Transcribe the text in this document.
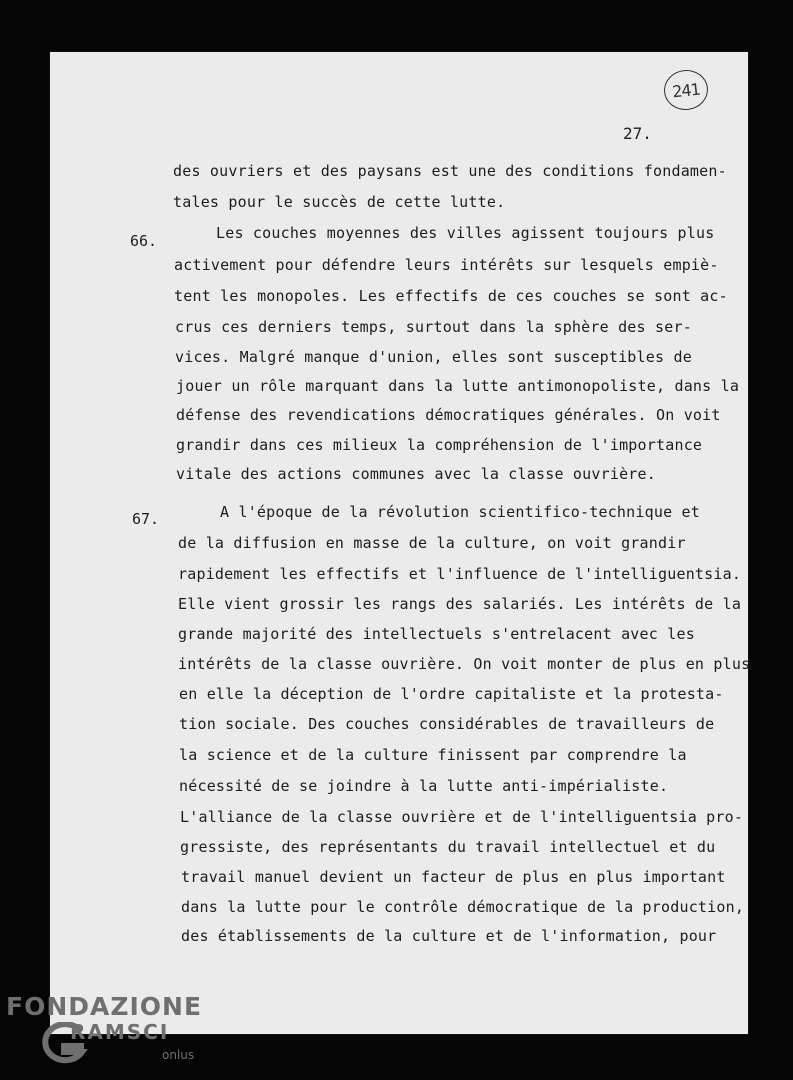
241
27.
66.
67.
des ouvriers et des paysans est une des conditions fondamen-
tales pour le succès de cette lutte.
Les couches moyennes des villes agissent toujours plus
activement pour défendre leurs intérêts sur lesquels empiè-
tent les monopoles. Les effectifs de ces couches se sont ac-
crus ces derniers temps, surtout dans la sphère des ser-
vices. Malgré manque d'union, elles sont susceptibles de
jouer un rôle marquant dans la lutte antimonopoliste, dans la
défense des revendications démocratiques générales. On voit
grandir dans ces milieux la compréhension de l'importance
vitale des actions communes avec la classe ouvrière.
A l'époque de la révolution scientifico-technique et
de la diffusion en masse de la culture, on voit grandir
rapidement les effectifs et l'influence de l'intelliguentsia.
Elle vient grossir les rangs des salariés. Les intérêts de la
grande majorité des intellectuels s'entrelacent avec les
intérêts de la classe ouvrière. On voit monter de plus en plus
en elle la déception de l'ordre capitaliste et la protesta-
tion sociale. Des couches considérables de travailleurs de
la science et de la culture finissent par comprendre la
nécessité de se joindre à la lutte anti-impérialiste.
L'alliance de la classe ouvrière et de l'intelliguentsia pro-
gressiste, des représentants du travail intellectuel et du
travail manuel devient un facteur de plus en plus important
dans la lutte pour le contrôle démocratique de la production,
des établissements de la culture et de l'information, pour
FONDAZIONE
RAMSCI
onlus
